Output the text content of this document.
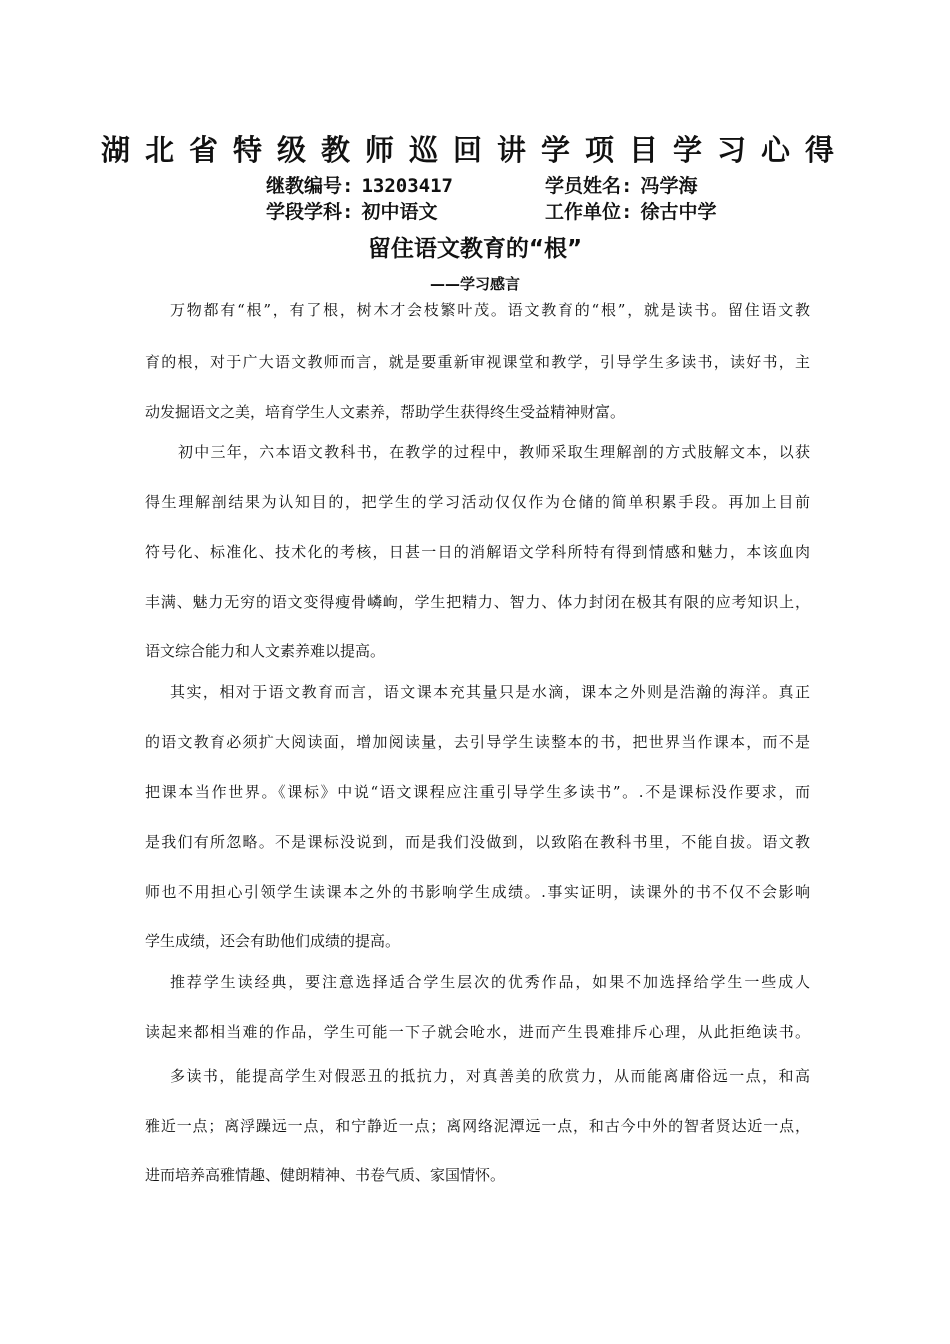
湖北省特级教师巡回讲学项目学习心得
继教编号: 13203417	学员姓名: 冯学海
学段学科: 初中语文	工作单位: 徐古中学
留住语文教育的“根”
——学习感言
万物都有“根”，有了根，树木才会枝繁叶茂。语文教育的“根”，就是读书。留住语文教
育的根，对于广大语文教师而言，就是要重新审视课堂和教学，引导学生多读书，读好书，主
动发掘语文之美，培育学生人文素养，帮助学生获得终生受益精神财富。
初中三年，六本语文教科书，在教学的过程中，教师采取生理解剖的方式肢解文本，以获
得生理解剖结果为认知目的，把学生的学习活动仅仅作为仓储的简单积累手段。再加上目前
符号化、标准化、技术化的考核，日甚一日的消解语文学科所特有得到情感和魅力，本该血肉
丰满、魅力无穷的语文变得瘦骨嶙峋，学生把精力、智力、体力封闭在极其有限的应考知识上，
语文综合能力和人文素养难以提高。
其实，相对于语文教育而言，语文课本充其量只是水滴，课本之外则是浩瀚的海洋。真正
的语文教育必须扩大阅读面，增加阅读量，去引导学生读整本的书，把世界当作课本，而不是
把课本当作世界。《课标》中说“语文课程应注重引导学生多读书”。.不是课标没作要求，而
是我们有所忽略。不是课标没说到，而是我们没做到，以致陷在教科书里，不能自拔。语文教
师也不用担心引领学生读课本之外的书影响学生成绩。.事实证明，读课外的书不仅不会影响
学生成绩，还会有助他们成绩的提高。
推荐学生读经典，要注意选择适合学生层次的优秀作品，如果不加选择给学生一些成人
读起来都相当难的作品，学生可能一下子就会呛水，进而产生畏难排斥心理，从此拒绝读书。
多读书，能提高学生对假恶丑的抵抗力，对真善美的欣赏力，从而能离庸俗远一点，和高
雅近一点；离浮躁远一点，和宁静近一点；离网络泥潭远一点，和古今中外的智者贤达近一点，
进而培养高雅情趣、健朗精神、书卷气质、家国情怀。
